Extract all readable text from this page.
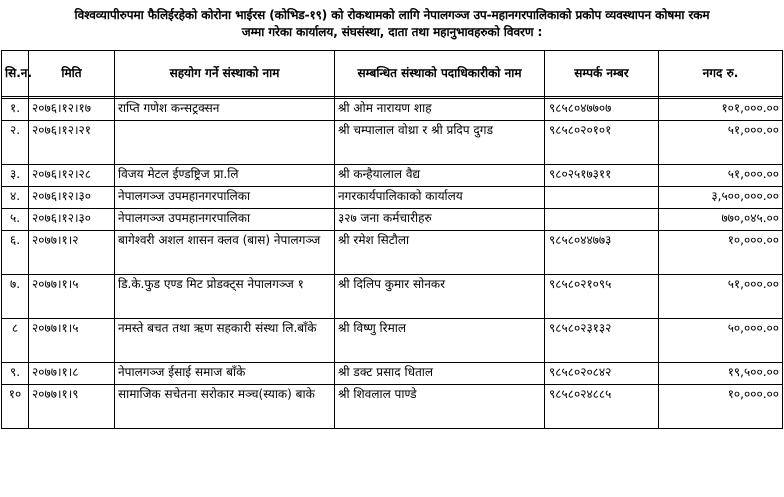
विश्वव्यापीरुपमा फैलिईरहेको कोरोना भाईरस (कोभिड-१९) को रोकथामको लागि नेपालगञ्ज उप-महानगरपालिकाको प्रकोप व्यवस्थापन कोषमा रकम
जम्मा गरेका कार्यालय, संघसंस्था, दाता तथा महानुभावहरुको विवरण :
सि.न.	मिति	सहयोग गर्ने संस्थाको नाम	सम्बन्धित संस्थाको पदाधिकारीको नाम	सम्पर्क नम्बर	नगद रु.

१.	२०७६।१२।१७	राप्ति गणेश कन्सट्रक्सन	श्री ओम नारायण शाह	९८५८०४७७०७	१०१,०००.००
२.	२०७६।१२।२१		श्री चम्पालाल वोथ्रा र श्री प्रदिप दुगड	९८५८०२०१०१	५१,०००.००
३.	२०७६।१२।२८	विजय मेटल ईण्डष्ट्रिज प्रा.लि	श्री कन्हैयालाल वैद्य	९८०२५१७३११	५१,०००.००
४.	२०७६।१२।३०	नेपालगञ्ज उपमहानगरपालिका	नगरकार्यपालिकाको कार्यालय		३,५००,०००.००
५.	२०७६।१२।३०	नेपालगञ्ज उपमहानगरपालिका	३२७ जना कर्मचारीहरु		७७०,०४५.००
६.	२०७७।१।२	बागेश्वरी अशल शासन क्लव (बास) नेपालगञ्ज	श्री रमेश सिटौला	९८५८०४४७७३	१०,०००.००
७.	२०७७।१।५	डि.के.फुड एण्ड मिट प्रोडक्ट्स नेपालगञ्ज १	श्री दिलिप कुमार सोनकर	९८५८०२१०९५	५१,०००.००
८	२०७७।१।५	नमस्ते बचत तथा ऋण सहकारी संस्था लि.बाँके	श्री विष्णु रिमाल	९८५८०२३१३२	५०,०००.००
९.	२०७७।१।८	नेपालगञ्ज ईसाई समाज बाँके	श्री डक्ट प्रसाद धिताल	९८५८०२०८४२	१९,५००.००
१०	२०७७।१।९	सामाजिक सचेतना सरोकार मञ्च(स्याक) बाके	श्री शिवलाल पाण्डे	९८५८०२४८८५	१०,०००.००
